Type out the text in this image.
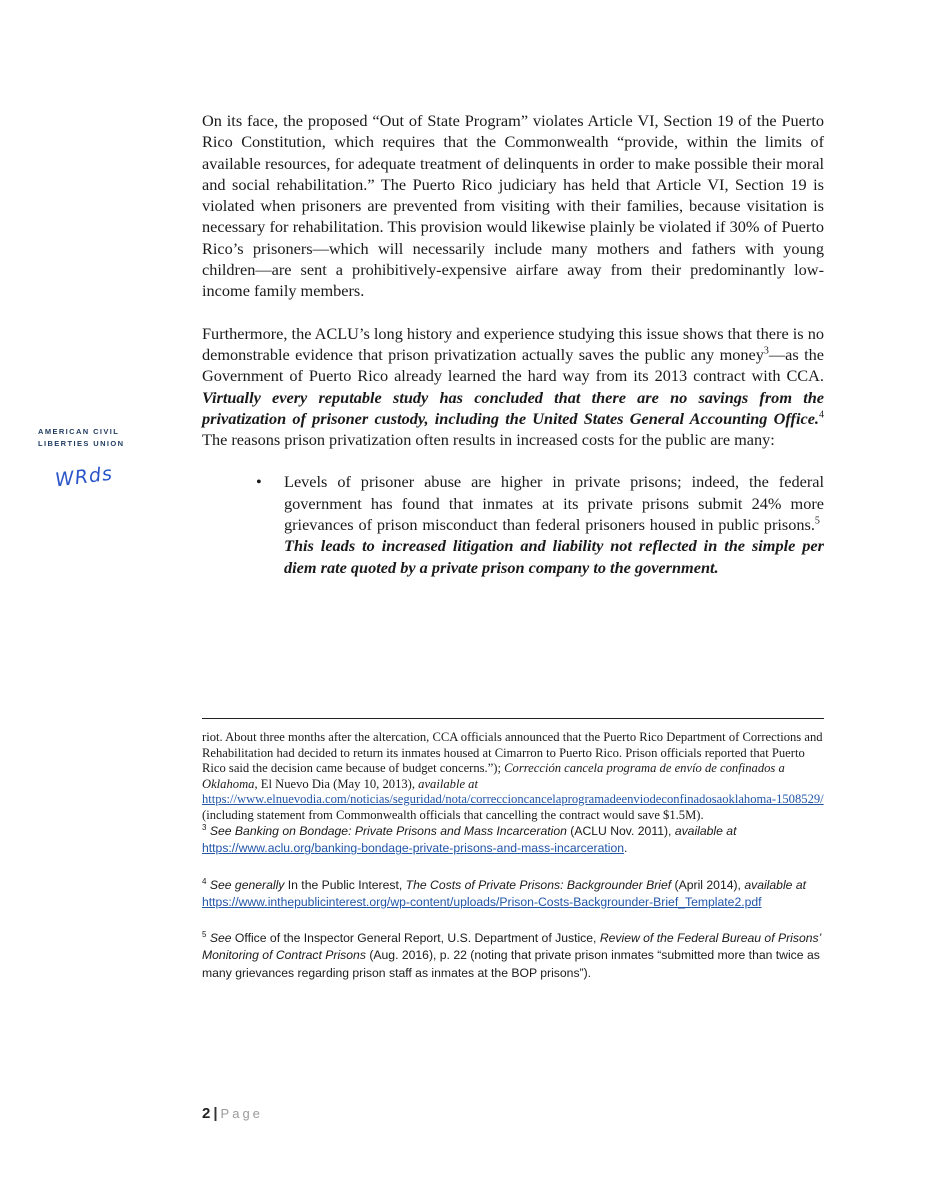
AMERICAN CIVIL
LIBERTIES UNION
WRds

On its face, the proposed “Out of State Program” violates Article VI, Section 19 of the Puerto Rico Constitution, which requires that the Commonwealth “provide, within the limits of available resources, for adequate treatment of delinquents in order to make possible their moral and social rehabilitation.” The Puerto Rico judiciary has held that Article VI, Section 19 is violated when prisoners are prevented from visiting with their families, because visitation is necessary for rehabilitation. This provision would likewise plainly be violated if 30% of Puerto Rico’s prisoners—which will necessarily include many mothers and fathers with young children—are sent a prohibitively-expensive airfare away from their predominantly low-income family members.

Furthermore, the ACLU’s long history and experience studying this issue shows that there is no demonstrable evidence that prison privatization actually saves the public any money$^3$—as the Government of Puerto Rico already learned the hard way from its 2013 contract with CCA. Virtually every reputable study has concluded that there are no savings from the privatization of prisoner custody, including the United States General Accounting Office.$^4$ The reasons prison privatization often results in increased costs for the public are many:

• Levels of prisoner abuse are higher in private prisons; indeed, the federal government has found that inmates at its private prisons submit 24% more grievances of prison misconduct than federal prisoners housed in public prisons.$^5$  This leads to increased litigation and liability not reflected in the simple per diem rate quoted by a private prison company to the government.
riot. About three months after the altercation, CCA officials announced that the Puerto Rico Department of Corrections and Rehabilitation had decided to return its inmates housed at Cimarron to Puerto Rico. Prison officials reported that Puerto Rico said the decision came because of budget concerns.”); Corrección cancela programa de envío de confinados a Oklahoma, El Nuevo Dia (May 10, 2013), available at https://www.elnuevodia.com/noticias/seguridad/nota/correccioncancelaprogramadeenviodeconfinadosaoklahoma-1508529/ (including statement from Commonwealth officials that cancelling the contract would save $1.5M).
$^3$ See Banking on Bondage: Private Prisons and Mass Incarceration (ACLU Nov. 2011), available at https://www.aclu.org/banking-bondage-private-prisons-and-mass-incarceration.
$^4$ See generally In the Public Interest, The Costs of Private Prisons: Backgrounder Brief (April 2014), available at https://www.inthepublicinterest.org/wp-content/uploads/Prison-Costs-Backgrounder-Brief_Template2.pdf
$^5$ See Office of the Inspector General Report, U.S. Department of Justice, Review of the Federal Bureau of Prisons’ Monitoring of Contract Prisons (Aug. 2016), p. 22 (noting that private prison inmates “submitted more than twice as many grievances regarding prison staff as inmates at the BOP prisons”).
2 | Page
